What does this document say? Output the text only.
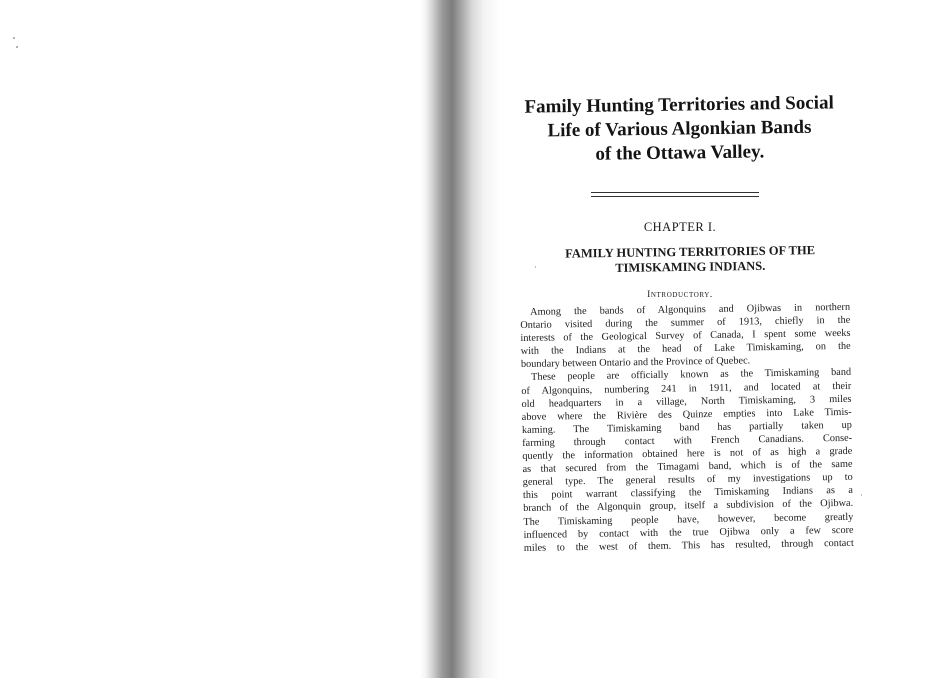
Family Hunting Territories and Social
Life of Various Algonkian Bands
of the Ottawa Valley.
CHAPTER I.
FAMILY HUNTING TERRITORIES OF THE
TIMISKAMING INDIANS.
Introductory.
Among the bands of Algonquins and Ojibwas in northern
Ontario visited during the summer of 1913, chiefly in the
interests of the Geological Survey of Canada, I spent some weeks
with the Indians at the head of Lake Timiskaming, on the
boundary between Ontario and the Province of Quebec.
These people are officially known as the Timiskaming band
of Algonquins, numbering 241 in 1911, and located at their
old headquarters in a village, North Timiskaming, 3 miles
above where the Rivière des Quinze empties into Lake Timis-
kaming. The Timiskaming band has partially taken up
farming through contact with French Canadians. Conse-
quently the information obtained here is not of as high a grade
as that secured from the Timagami band, which is of the same
general type. The general results of my investigations up to
this point warrant classifying the Timiskaming Indians as a
branch of the Algonquin group, itself a subdivision of the Ojibwa.
The Timiskaming people have, however, become greatly
influenced by contact with the true Ojibwa only a few score
miles to the west of them. This has resulted, through contact
·
·
